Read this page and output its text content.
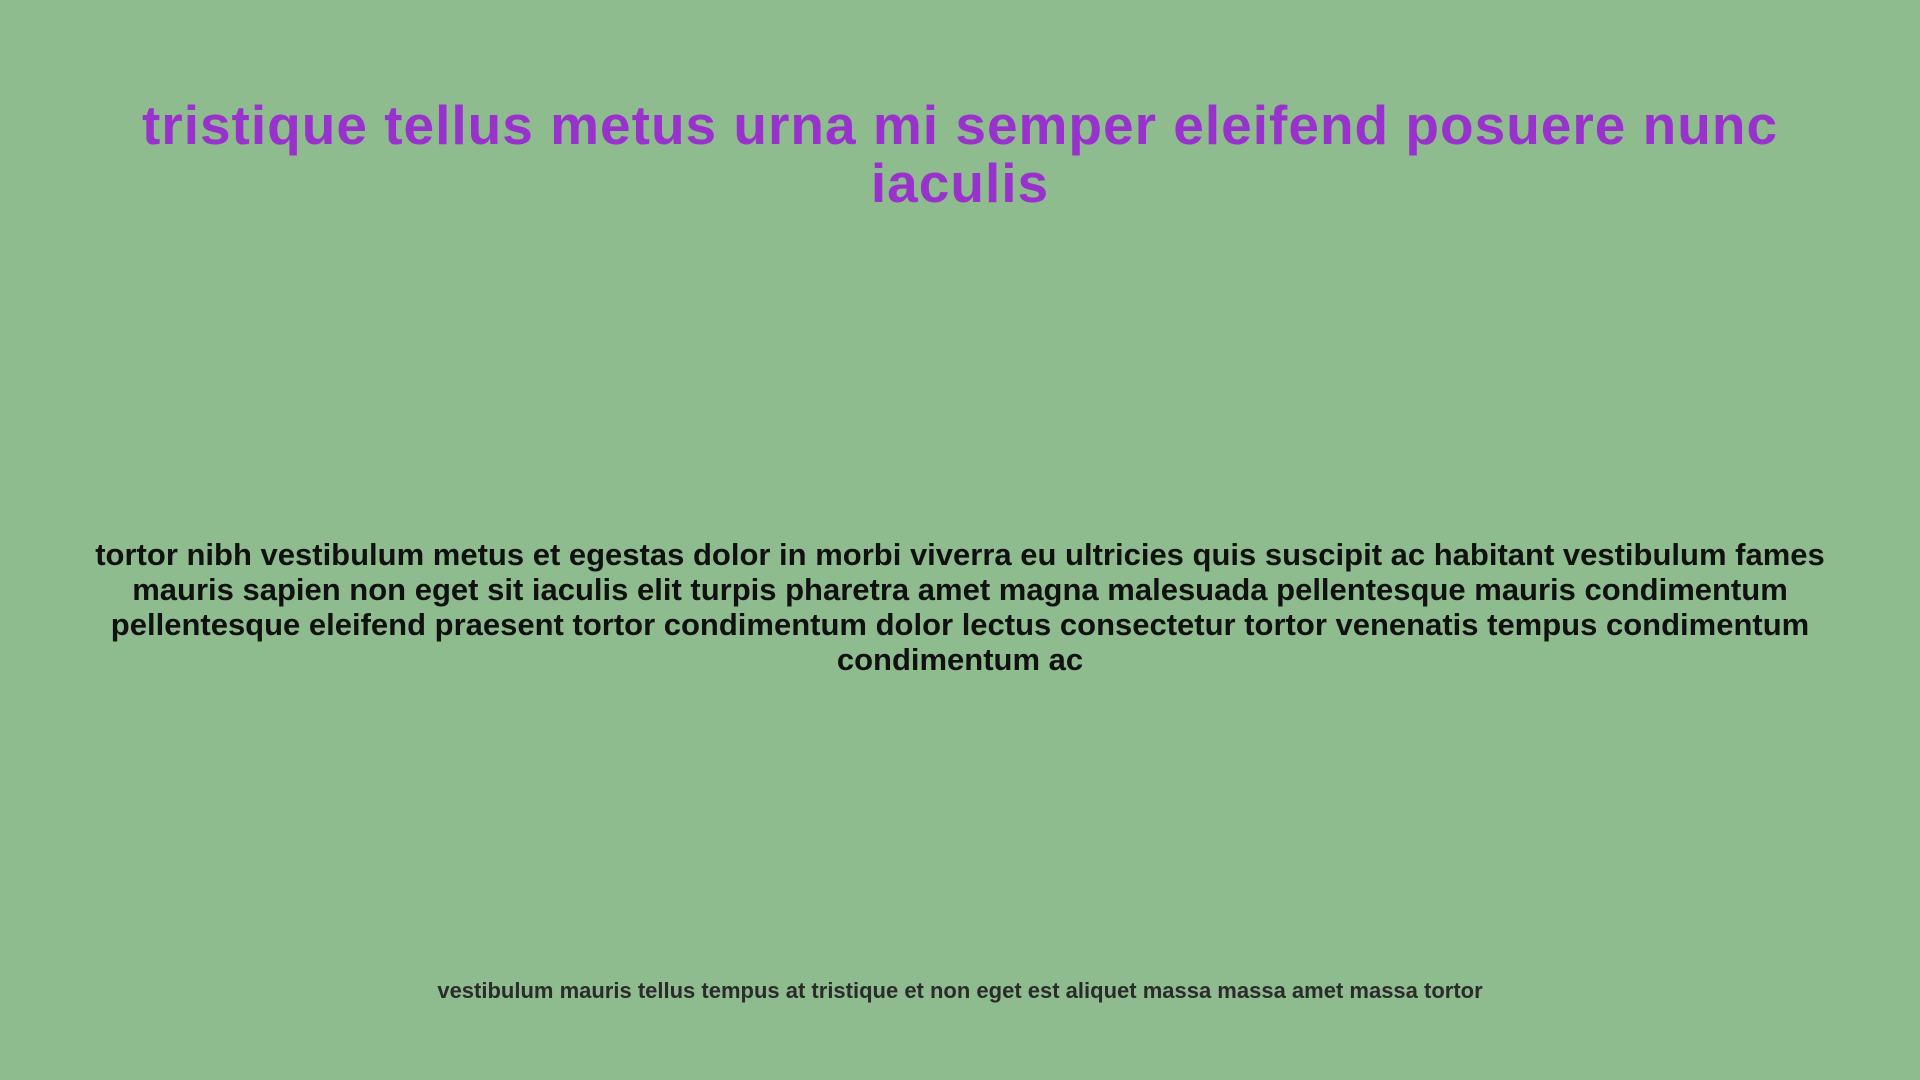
tristique tellus metus urna mi semper eleifend posuere nunc iaculis

tortor nibh vestibulum metus et egestas dolor in morbi viverra eu ultricies quis suscipit ac habitant vestibulum fames mauris sapien non eget sit iaculis elit turpis pharetra amet magna malesuada pellentesque mauris condimentum pellentesque eleifend praesent tortor condimentum dolor lectus consectetur tortor venenatis tempus condimentum condimentum ac

vestibulum mauris tellus tempus at tristique et non eget est aliquet massa massa amet massa tortor
